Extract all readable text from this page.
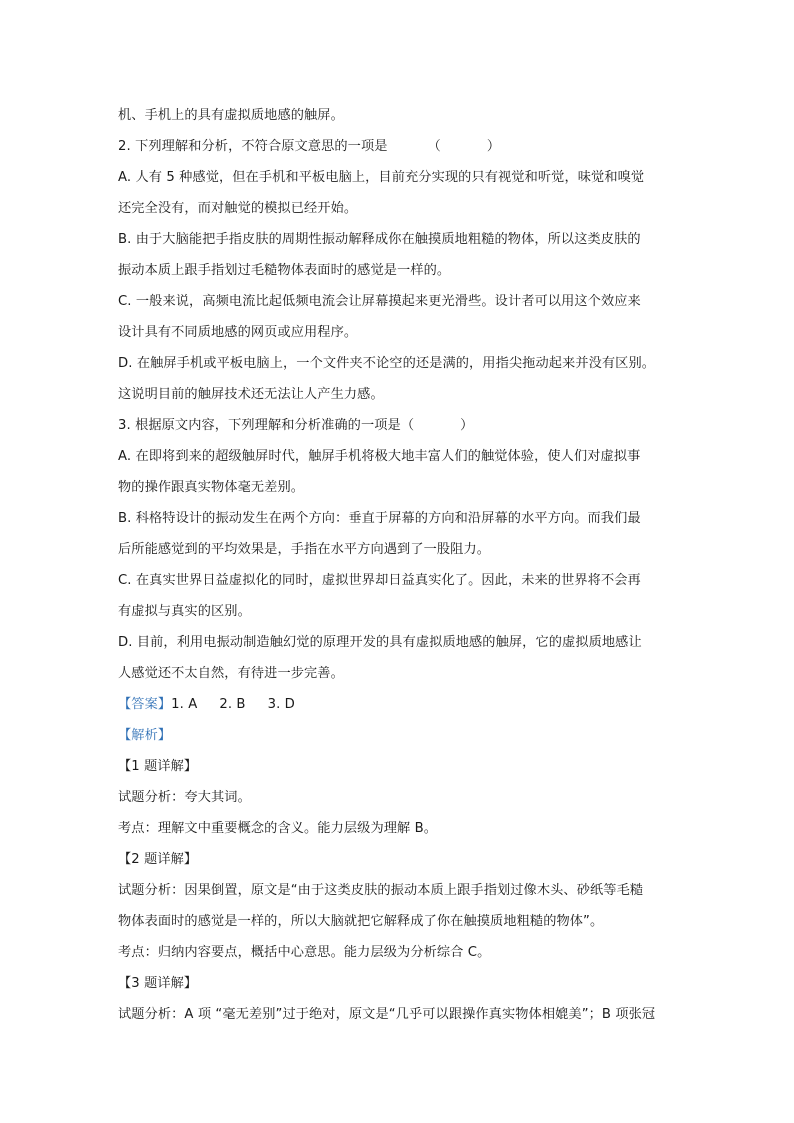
机、手机上的具有虚拟质地感的触屏。
2. 下列理解和分析，不符合原文意思的一项是	（	）
A. 人有 5 种感觉，但在手机和平板电脑上，目前充分实现的只有视觉和听觉，味觉和嗅觉
还完全没有，而对触觉的模拟已经开始。
B. 由于大脑能把手指皮肤的周期性振动解释成你在触摸质地粗糙的物体，所以这类皮肤的
振动本质上跟手指划过毛糙物体表面时的感觉是一样的。
C. 一般来说，高频电流比起低频电流会让屏幕摸起来更光滑些。设计者可以用这个效应来
设计具有不同质地感的网页或应用程序。
D. 在触屏手机或平板电脑上，一个文件夹不论空的还是满的，用指尖拖动起来并没有区别。
这说明目前的触屏技术还无法让人产生力感。
3. 根据原文内容，下列理解和分析准确的一项是（	）
A. 在即将到来的超级触屏时代，触屏手机将极大地丰富人们的触觉体验，使人们对虚拟事
物的操作跟真实物体毫无差别。
B. 科格特设计的振动发生在两个方向：垂直于屏幕的方向和沿屏幕的水平方向。而我们最
后所能感觉到的平均效果是，手指在水平方向遇到了一股阻力。
C. 在真实世界日益虚拟化的同时，虚拟世界却日益真实化了。因此，未来的世界将不会再
有虚拟与真实的区别。
D. 目前，利用电振动制造触幻觉的原理开发的具有虚拟质地感的触屏，它的虚拟质地感让
人感觉还不太自然，有待进一步完善。
【答案】1. A 2. B 3. D
【解析】
【1 题详解】
试题分析：夸大其词。
考点：理解文中重要概念的含义。能力层级为理解 B。
【2 题详解】
试题分析：因果倒置，原文是“由于这类皮肤的振动本质上跟手指划过像木头、砂纸等毛糙
物体表面时的感觉是一样的，所以大脑就把它解释成了你在触摸质地粗糙的物体”。
考点：归纳内容要点，概括中心意思。能力层级为分析综合 C。
【3 题详解】
试题分析：A 项 “毫无差别”过于绝对，原文是“几乎可以跟操作真实物体相媲美”；B 项张冠
